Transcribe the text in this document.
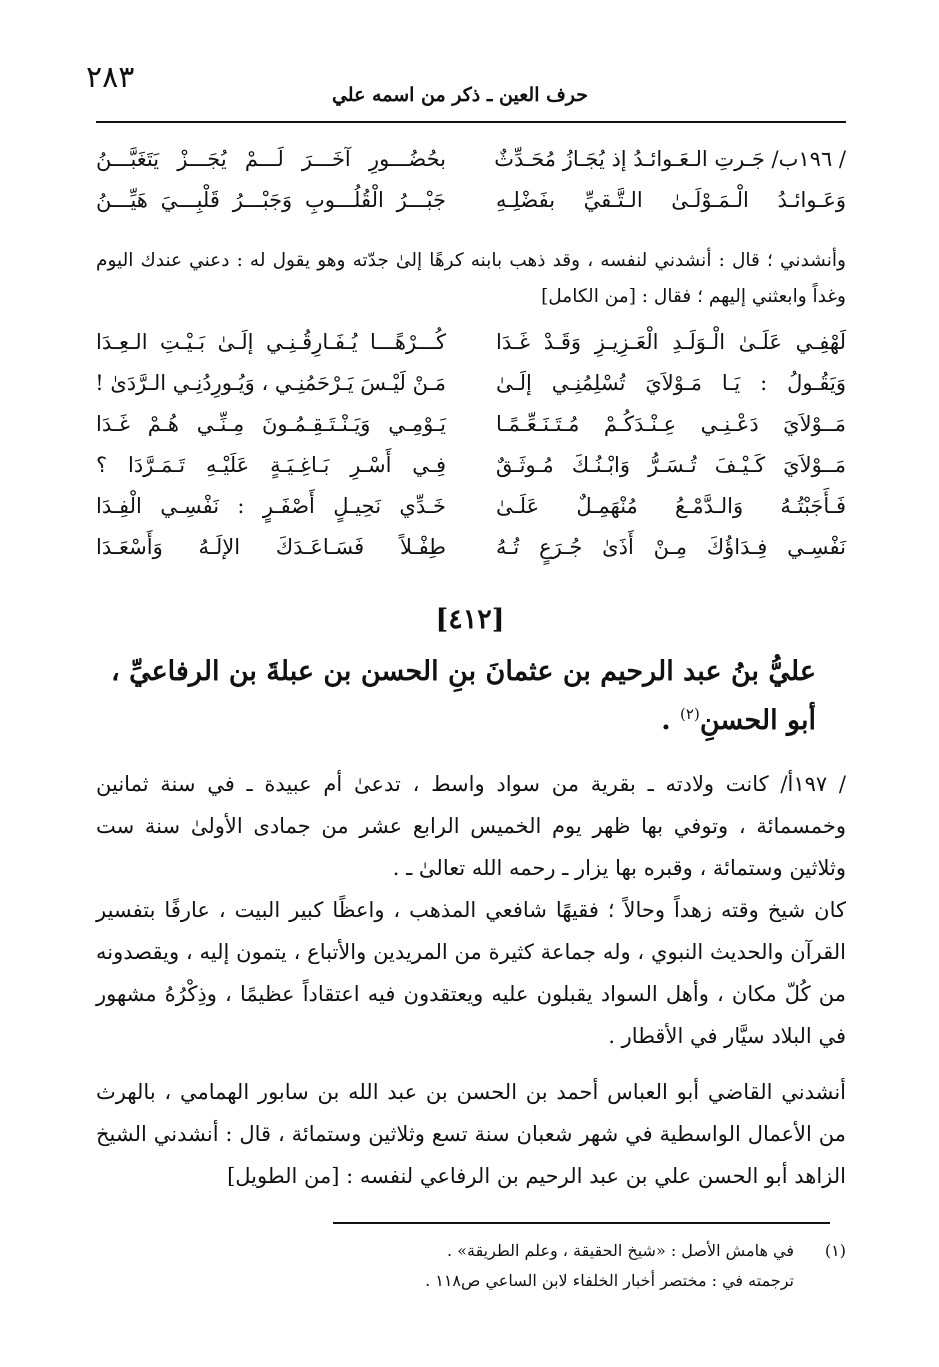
٢٨٣	حرف العين ـ ذكر من اسمه علي
/ ١٩٦ب/ جَـرتِ الـعَـوائـدُ إذ يُجَـازُ مُحَـدِّثٌ
بحُضُـــورِ آخَـــرَ لَـــمْ يُجَـــزْ يَتَغَبَّـــنُ
وَعَـوائـدُ الْـمَـوْلَـىٰ الـتَّـقيِّ بفَضْلِـهِ
جَبْـــرُ الْقُلُـــوبِ وَجَبْـــرُ قَلْبِـــيَ هَيِّـــنُ
وأنشدني ؛ قال : أنشدني لنفسه ، وقد ذهب بابنه كرهًا إلىٰ جدّته وهو يقول له : دعني عندك اليوم وغداً وابعثني إليهم ؛ فقال : [من الكامل]
لَهْفِـي عَلَـىٰ الْـوَلَـدِ الْعَـزِيـزِ وَقَـدْ غَـدَا
كُـــرْهًـــا يُـفَـارِقُـنِـي إلَـىٰ بَـيْـتِ الـعِـدَا
وَيَقُـولُ : يَـا مَـوْلاَيَ تُسْلِمُنِـي إلَـىٰ
مَـنْ لَيْـسَ يَـرْحَمُنِـي ، وَيُـورِدُنِـي الـرَّدَىٰ !
مَــوْلاَيَ دَعْـنِـي عِـنْـدَكُـمْ مُـتَـنَـعِّـمًـا
يَـوْمِـي وَيَـنْـتَـقِـمُـونَ مِـنِّـي هُـمْ غَـدَا
مَــوْلاَيَ كَـيْـفَ تُـسَـرُّ وَابْـنُـكَ مُـوثَـقٌ
فِـي أَسْـرِ بَـاغِـيَـةٍ عَلَيْـهِ تَـمَـرَّدَا ؟
فَـأَجَبْتُـهُ وَالـدَّمْـعُ مُنْهَمِـلٌ عَلَـىٰ
خَـدِّي نَحِيـلٍ أَصْفَـرٍ : نَفْسِـي الْفِـدَا
نَفْسِـي فِـدَاؤُكَ مِـنْ أَذَىٰ جُـرَعٍ تُـهُ
طِفْـلاً فَسَـاعَـدَكَ الإلَـهُ وَأَسْعَـدَا
[٤١٢]
عليُّ بنُ عبد الرحيم بن عثمانَ بنِ الحسن بن عبلةَ بن الرفاعيِّ ،
أبو الحسنِ$^{(٢)}$ .
/ ١٩٧أ/ كانت ولادته ـ بقرية من سواد واسط ، تدعىٰ أم عبيدة ـ في سنة ثمانين وخمسمائة ، وتوفي بها ظهر يوم الخميس الرابع عشر من جمادى الأولىٰ سنة ست وثلاثين وستمائة ، وقبره بها يزار ـ رحمه الله تعالىٰ ـ .
كان شيخ وقته زهداً وحالاً ؛ فقيهًا شافعي المذهب ، واعظًا كبير البيت ، عارفًا بتفسير القرآن والحديث النبوي ، وله جماعة كثيرة من المريدين والأتباع ، يتمون إليه ، ويقصدونه من كُلّ مكان ، وأهل السواد يقبلون عليه ويعتقدون فيه اعتقاداً عظيمًا ، وذِكْرُهُ مشهور في البلاد سيَّار في الأقطار .
أنشدني القاضي أبو العباس أحمد بن الحسن بن عبد الله بن سابور الهمامي ، بالهرث من الأعمال الواسطية في شهر شعبان سنة تسع وثلاثين وستمائة ، قال : أنشدني الشيخ الزاهد أبو الحسن علي بن عبد الرحيم بن الرفاعي لنفسه : [من الطويل]
(١)
في هامش الأصل : «شيخ الحقيقة ، وعلم الطريقة» .
ترجمته في : مختصر أخبار الخلفاء لابن الساعي ص١١٨ .
